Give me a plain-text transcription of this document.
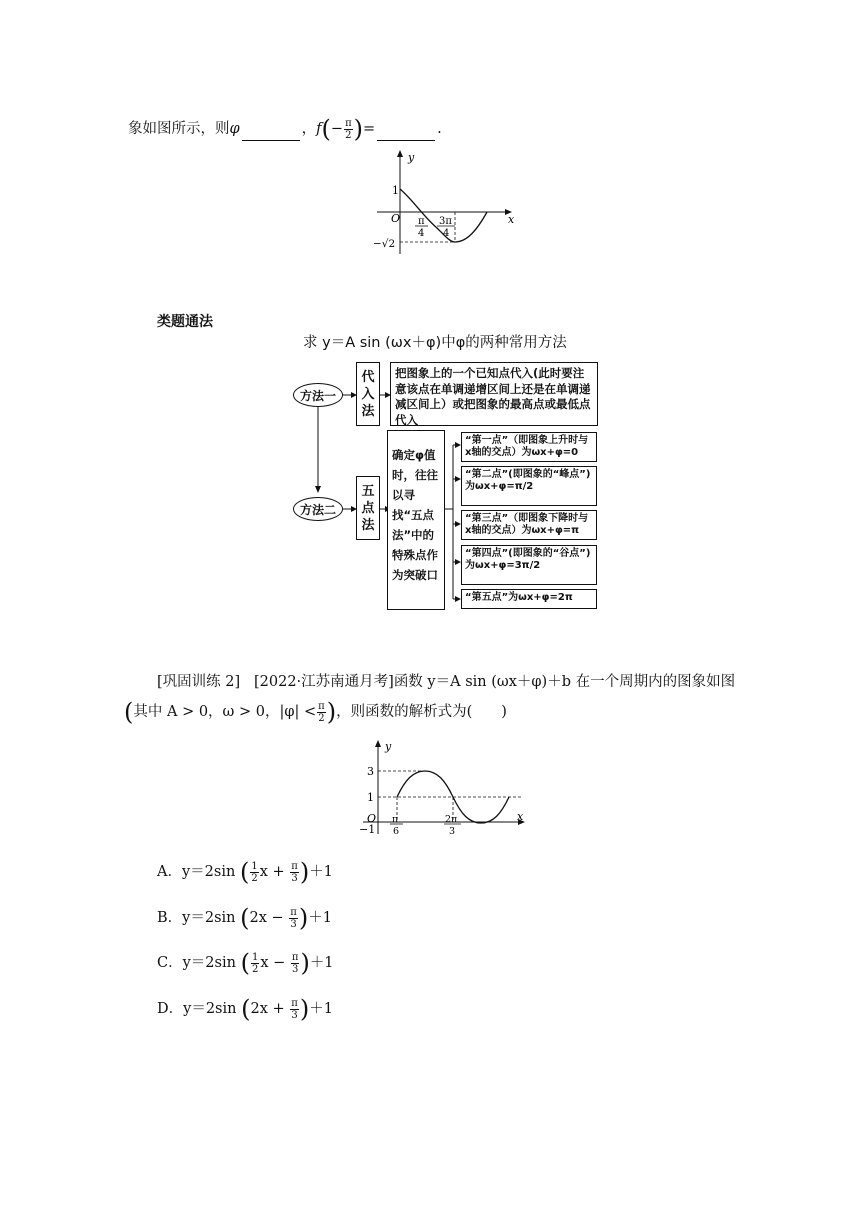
象如图所示，则φ	，$f(- \frac{\pi}{2}$ )=	.
y
x
O
1
−√2
π
4
3π
4
类题通法
求 y＝A sin (ωx＋φ)中φ的两种常用方法
方法一
方法二
代入法
五点法
把图象上的一个已知点代入(此时要注意该点在单调递增区间上还是在单调递减区间上）或把图象的最高点或最低点代入
确定φ值时，往往以寻找“五点法”中的特殊点作为突破口
“第一点”（即图象上升时与x轴的交点）为ωx+φ=0
“第二点”(即图象的“峰点”)为ωx+φ=π/2
“第三点”（即图象下降时与x轴的交点）为ωx+φ=π
“第四点”(即图象的“谷点”)为ωx+φ=3π/2
“第五点”为ωx+φ=2π
[巩固训练 2] [2022·江苏南通月考]函数 y＝A sin (ωx＋φ)＋b 在一个周期内的图象如图
(其中 A > 0，ω > 0，$|\varphi| < \frac{\pi}{2}$ )，则函数的解析式为(　　)
y
x
O
3
1
−1
π
6
2π
3
A．y＝2sin ( $\frac{1}{2}$ $x + \frac{\pi}{3} )+1$
B．y＝2sin $(2x - \frac{\pi}{3} )+1$
C．y＝2sin ( $\frac{1}{2}$ $x - \frac{\pi}{3} )+1$
D．y＝2sin $(2x + \frac{\pi}{3} )+1$
